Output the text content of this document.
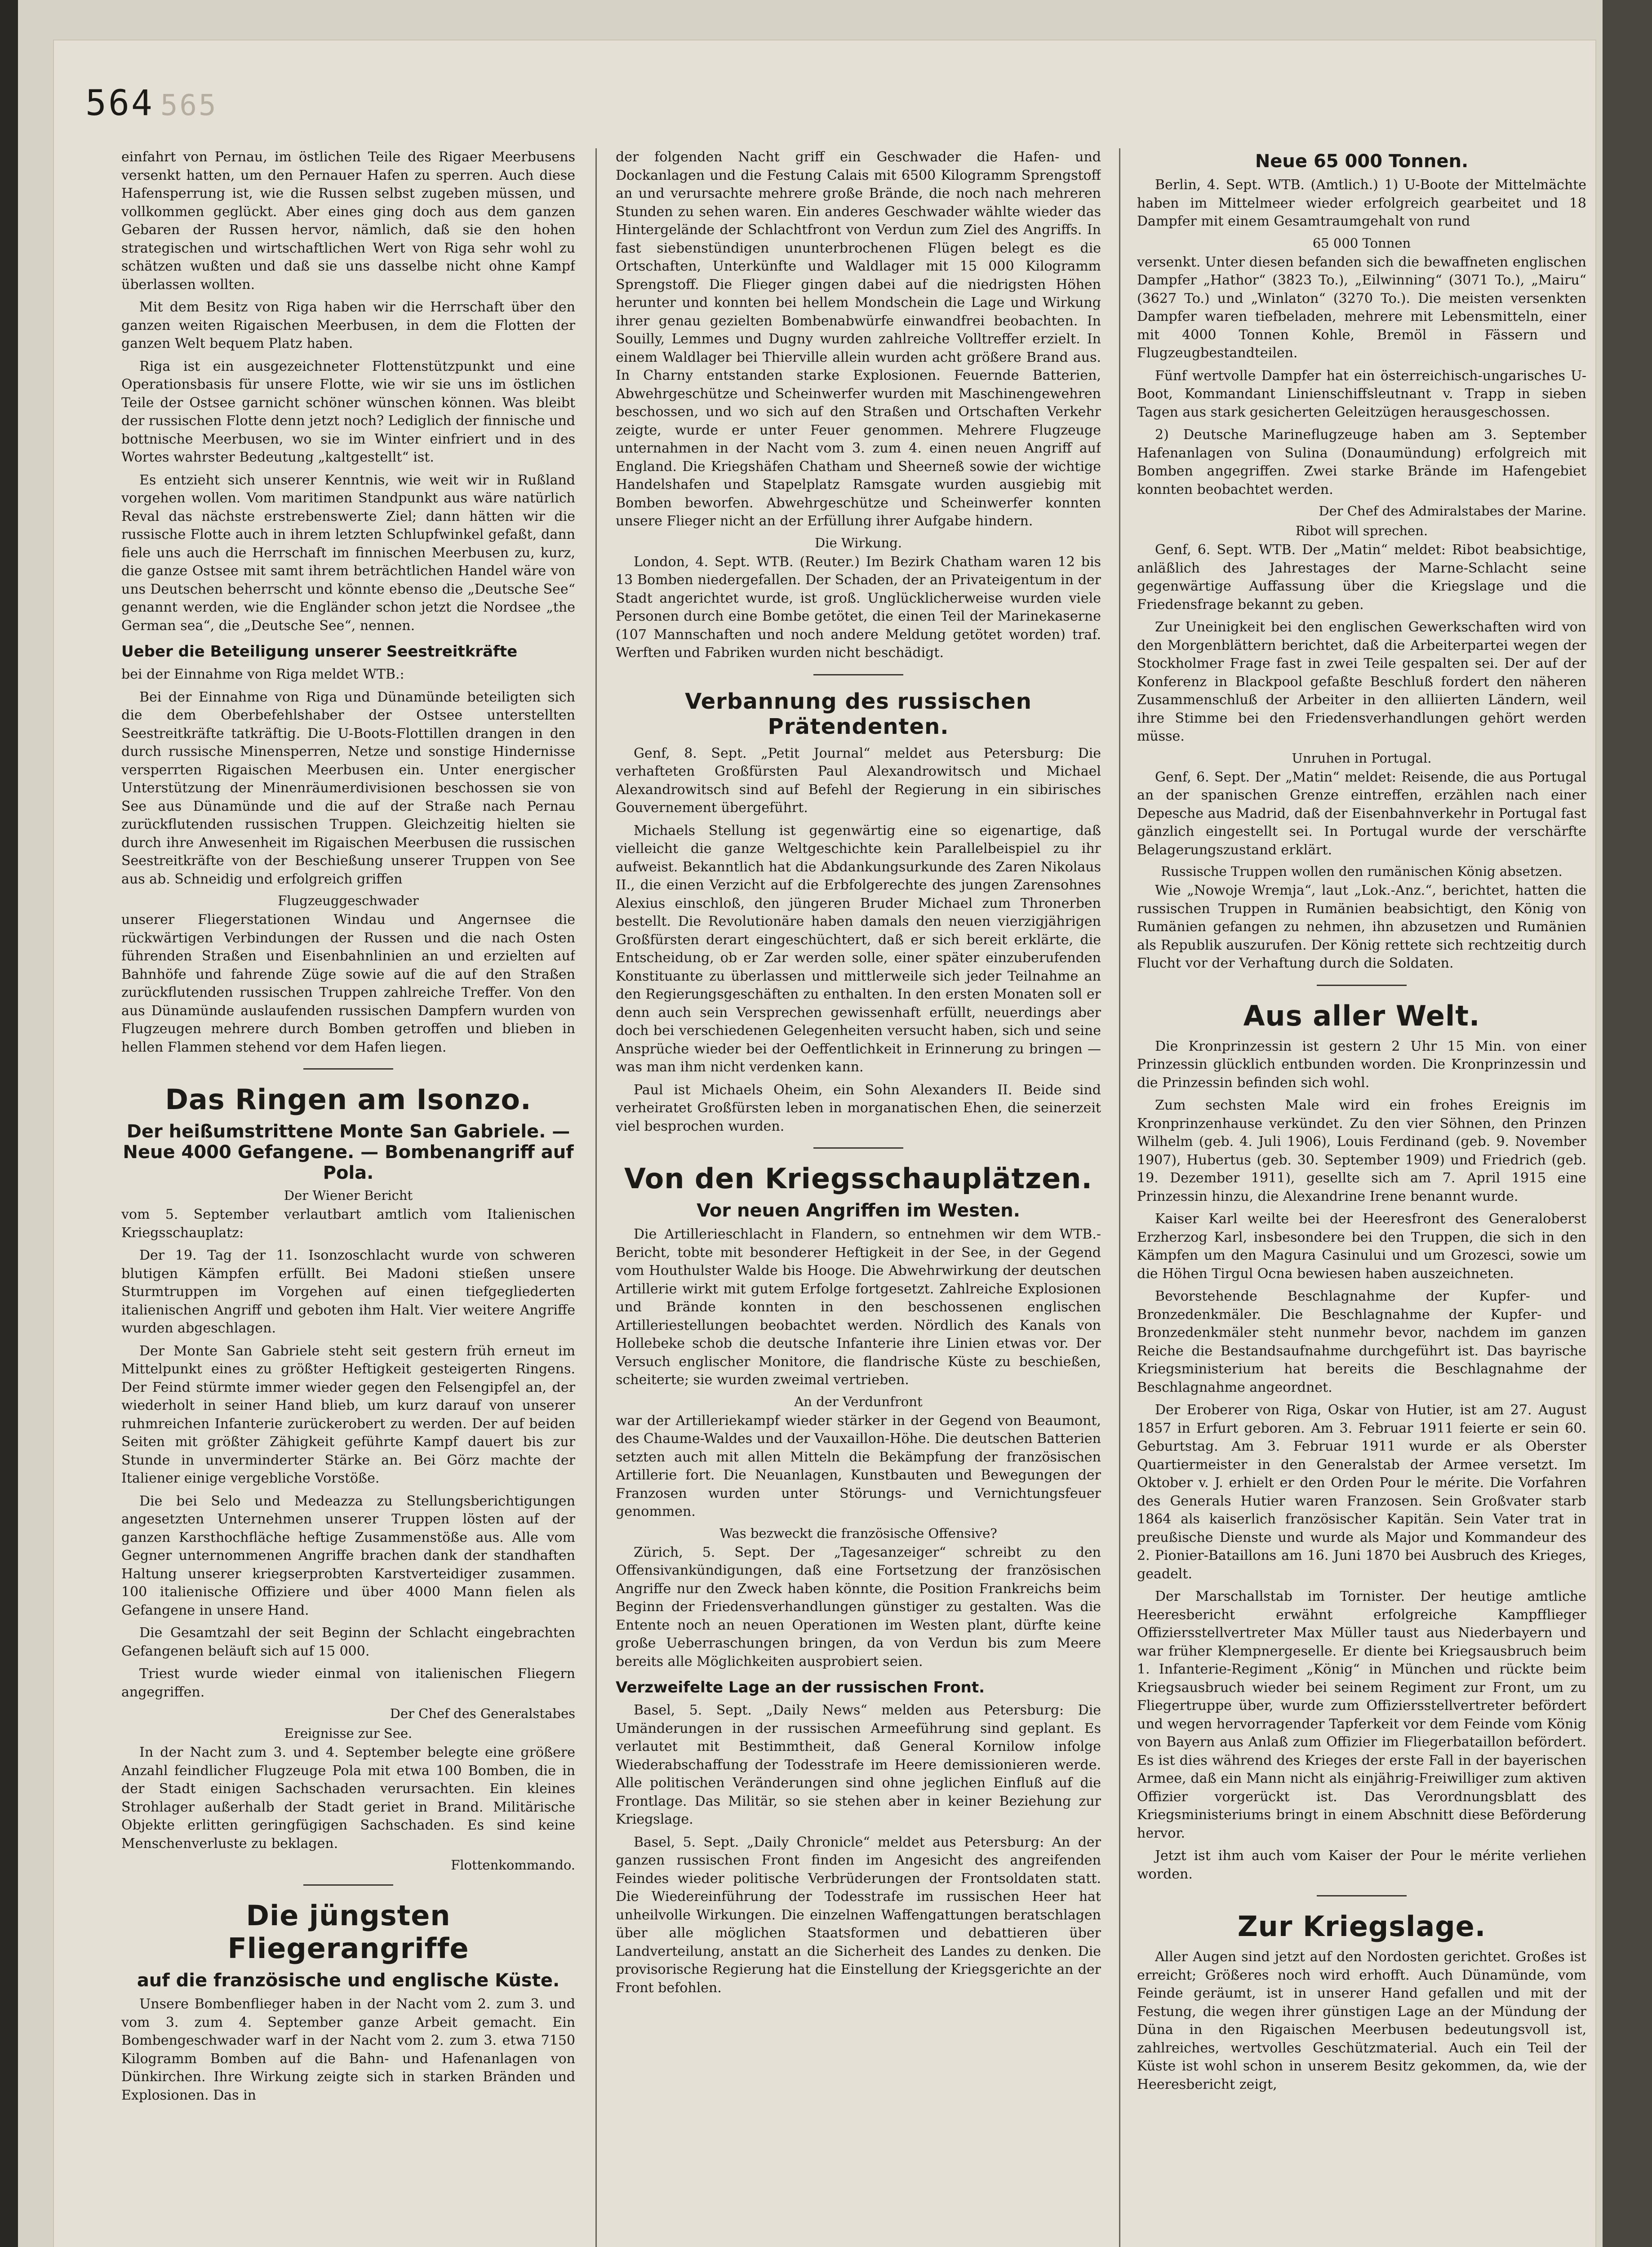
564 565

einfahrt von Pernau, im östlichen Teile des Rigaer Meerbusens versenkt hatten, um den Pernauer Hafen zu sperren. Auch diese Hafensperrung ist, wie die Russen selbst zugeben müssen, und vollkommen geglückt. Aber eines ging doch aus dem ganzen Gebaren der Russen hervor, nämlich, daß sie den hohen strategischen und wirtschaftlichen Wert von Riga sehr wohl zu schätzen wußten und daß sie uns dasselbe nicht ohne Kampf überlassen wollten.

Mit dem Besitz von Riga haben wir die Herrschaft über den ganzen weiten Rigaischen Meerbusen, in dem die Flotten der ganzen Welt bequem Platz haben.

Riga ist ein ausgezeichneter Flottenstützpunkt und eine Operationsbasis für unsere Flotte, wie wir sie uns im östlichen Teile der Ostsee garnicht schöner wünschen können. Was bleibt der russischen Flotte denn jetzt noch? Lediglich der finnische und bottnische Meerbusen, wo sie im Winter einfriert und in des Wortes wahrster Bedeutung „kaltgestellt“ ist.

Es entzieht sich unserer Kenntnis, wie weit wir in Rußland vorgehen wollen. Vom maritimen Standpunkt aus wäre natürlich Reval das nächste erstrebenswerte Ziel; dann hätten wir die russische Flotte auch in ihrem letzten Schlupfwinkel gefaßt, dann fiele uns auch die Herrschaft im finnischen Meerbusen zu, kurz, die ganze Ostsee mit samt ihrem beträchtlichen Handel wäre von uns Deutschen beherrscht und könnte ebenso die „Deutsche See“ genannt werden, wie die Engländer schon jetzt die Nordsee „the German sea“, die „Deutsche See“, nennen.

Ueber die Beteiligung unserer Seestreitkräfte

bei der Einnahme von Riga meldet WTB.:

Bei der Einnahme von Riga und Dünamünde beteiligten sich die dem Oberbefehlshaber der Ostsee unterstellten Seestreitkräfte tatkräftig. Die U-Boots-Flottillen drangen in den durch russische Minensperren, Netze und sonstige Hindernisse versperrten Rigaischen Meerbusen ein. Unter energischer Unterstützung der Minenräumerdivisionen beschossen sie von See aus Dünamünde und die auf der Straße nach Pernau zurückflutenden russischen Truppen. Gleichzeitig hielten sie durch ihre Anwesenheit im Rigaischen Meerbusen die russischen Seestreitkräfte von der Beschießung unserer Truppen von See aus ab. Schneidig und erfolgreich griffen

Flugzeuggeschwader

unserer Fliegerstationen Windau und Angernsee die rückwärtigen Verbindungen der Russen und die nach Osten führenden Straßen und Eisenbahnlinien an und erzielten auf Bahnhöfe und fahrende Züge sowie auf die auf den Straßen zurückflutenden russischen Truppen zahlreiche Treffer. Von den aus Dünamünde auslaufenden russischen Dampfern wurden von Flugzeugen mehrere durch Bomben getroffen und blieben in hellen Flammen stehend vor dem Hafen liegen.

Das Ringen am Isonzo.
Der heißumstrittene Monte San Gabriele. — Neue 4000 Gefangene. — Bombenangriff auf Pola.
Der Wiener Bericht

vom 5. September verlautbart amtlich vom Italienischen Kriegsschauplatz:

Der 19. Tag der 11. Isonzoschlacht wurde von schweren blutigen Kämpfen erfüllt. Bei Madoni stießen unsere Sturmtruppen im Vorgehen auf einen tiefgegliederten italienischen Angriff und geboten ihm Halt. Vier weitere Angriffe wurden abgeschlagen.

Der Monte San Gabriele steht seit gestern früh erneut im Mittelpunkt eines zu größter Heftigkeit gesteigerten Ringens. Der Feind stürmte immer wieder gegen den Felsengipfel an, der wiederholt in seiner Hand blieb, um kurz darauf von unserer ruhmreichen Infanterie zurückerobert zu werden. Der auf beiden Seiten mit größter Zähigkeit geführte Kampf dauert bis zur Stunde in unverminderter Stärke an. Bei Görz machte der Italiener einige vergebliche Vorstöße.

Die bei Selo und Medeazza zu Stellungsberichtigungen angesetzten Unternehmen unserer Truppen lösten auf der ganzen Karsthochfläche heftige Zusammenstöße aus. Alle vom Gegner unternommenen Angriffe brachen dank der standhaften Haltung unserer kriegserprobten Karstverteidiger zusammen. 100 italienische Offiziere und über 4000 Mann fielen als Gefangene in unsere Hand.

Die Gesamtzahl der seit Beginn der Schlacht eingebrachten Gefangenen beläuft sich auf 15 000.

Triest wurde wieder einmal von italienischen Fliegern angegriffen.

Der Chef des Generalstabes
Ereignisse zur See.

In der Nacht zum 3. und 4. September belegte eine größere Anzahl feindlicher Flugzeuge Pola mit etwa 100 Bomben, die in der Stadt einigen Sachschaden verursachten. Ein kleines Strohlager außerhalb der Stadt geriet in Brand. Militärische Objekte erlitten geringfügigen Sachschaden. Es sind keine Menschenverluste zu beklagen.

Flottenkommando.
Die jüngsten Fliegerangriffe
auf die französische und englische Küste.

Unsere Bombenflieger haben in der Nacht vom 2. zum 3. und vom 3. zum 4. September ganze Arbeit gemacht. Ein Bombengeschwader warf in der Nacht vom 2. zum 3. etwa 7150 Kilogramm Bomben auf die Bahn- und Hafenanlagen von Dünkirchen. Ihre Wirkung zeigte sich in starken Bränden und Explosionen. Das in

der folgenden Nacht griff ein Geschwader die Hafen- und Dockanlagen und die Festung Calais mit 6500 Kilogramm Sprengstoff an und verursachte mehrere große Brände, die noch nach mehreren Stunden zu sehen waren. Ein anderes Geschwader wählte wieder das Hintergelände der Schlachtfront von Verdun zum Ziel des Angriffs. In fast siebenstündigen ununterbrochenen Flügen belegt es die Ortschaften, Unterkünfte und Waldlager mit 15 000 Kilogramm Sprengstoff. Die Flieger gingen dabei auf die niedrigsten Höhen herunter und konnten bei hellem Mondschein die Lage und Wirkung ihrer genau gezielten Bombenabwürfe einwandfrei beobachten. In Souilly, Lemmes und Dugny wurden zahlreiche Volltreffer erzielt. In einem Waldlager bei Thierville allein wurden acht größere Brand aus. In Charny entstanden starke Explosionen. Feuernde Batterien, Abwehrgeschütze und Scheinwerfer wurden mit Maschinengewehren beschossen, und wo sich auf den Straßen und Ortschaften Verkehr zeigte, wurde er unter Feuer genommen. Mehrere Flugzeuge unternahmen in der Nacht vom 3. zum 4. einen neuen Angriff auf England. Die Kriegshäfen Chatham und Sheerneß sowie der wichtige Handelshafen und Stapelplatz Ramsgate wurden ausgiebig mit Bomben beworfen. Abwehrgeschütze und Scheinwerfer konnten unsere Flieger nicht an der Erfüllung ihrer Aufgabe hindern.

Die Wirkung.

London, 4. Sept. WTB. (Reuter.) Im Bezirk Chatham waren 12 bis 13 Bomben niedergefallen. Der Schaden, der an Privateigentum in der Stadt angerichtet wurde, ist groß. Unglücklicherweise wurden viele Personen durch eine Bombe getötet, die einen Teil der Marinekaserne (107 Mannschaften und noch andere Meldung getötet worden) traf. Werften und Fabriken wurden nicht beschädigt.

Verbannung des russischen Prätendenten.

Genf, 8. Sept. „Petit Journal“ meldet aus Petersburg: Die verhafteten Großfürsten Paul Alexandrowitsch und Michael Alexandrowitsch sind auf Befehl der Regierung in ein sibirisches Gouvernement übergeführt.

Michaels Stellung ist gegenwärtig eine so eigenartige, daß vielleicht die ganze Weltgeschichte kein Parallelbeispiel zu ihr aufweist. Bekanntlich hat die Abdankungsurkunde des Zaren Nikolaus II., die einen Verzicht auf die Erbfolgerechte des jungen Zarensohnes Alexius einschloß, den jüngeren Bruder Michael zum Thronerben bestellt. Die Revolutionäre haben damals den neuen vierzigjährigen Großfürsten derart eingeschüchtert, daß er sich bereit erklärte, die Entscheidung, ob er Zar werden solle, einer später einzuberufenden Konstituante zu überlassen und mittlerweile sich jeder Teilnahme an den Regierungsgeschäften zu enthalten. In den ersten Monaten soll er denn auch sein Versprechen gewissenhaft erfüllt, neuerdings aber doch bei verschiedenen Gelegenheiten versucht haben, sich und seine Ansprüche wieder bei der Oeffentlichkeit in Erinnerung zu bringen — was man ihm nicht verdenken kann.

Paul ist Michaels Oheim, ein Sohn Alexanders II. Beide sind verheiratet Großfürsten leben in morganatischen Ehen, die seinerzeit viel besprochen wurden.

Von den Kriegsschauplätzen.
Vor neuen Angriffen im Westen.

Die Artillerieschlacht in Flandern, so entnehmen wir dem WTB.-Bericht, tobte mit besonderer Heftigkeit in der See, in der Gegend vom Houthulster Walde bis Hooge. Die Abwehrwirkung der deutschen Artillerie wirkt mit gutem Erfolge fortgesetzt. Zahlreiche Explosionen und Brände konnten in den beschossenen englischen Artilleriestellungen beobachtet werden. Nördlich des Kanals von Hollebeke schob die deutsche Infanterie ihre Linien etwas vor. Der Versuch englischer Monitore, die flandrische Küste zu beschießen, scheiterte; sie wurden zweimal vertrieben.

An der Verdunfront

war der Artilleriekampf wieder stärker in der Gegend von Beaumont, des Chaume-Waldes und der Vauxaillon-Höhe. Die deutschen Batterien setzten auch mit allen Mitteln die Bekämpfung der französischen Artillerie fort. Die Neuanlagen, Kunstbauten und Bewegungen der Franzosen wurden unter Störungs- und Vernichtungsfeuer genommen.

Was bezweckt die französische Offensive?

Zürich, 5. Sept. Der „Tagesanzeiger“ schreibt zu den Offensivankündigungen, daß eine Fortsetzung der französischen Angriffe nur den Zweck haben könnte, die Position Frankreichs beim Beginn der Friedensverhandlungen günstiger zu gestalten. Was die Entente noch an neuen Operationen im Westen plant, dürfte keine große Ueberraschungen bringen, da von Verdun bis zum Meere bereits alle Möglichkeiten ausprobiert seien.

Verzweifelte Lage an der russischen Front.

Basel, 5. Sept. „Daily News“ melden aus Petersburg: Die Umänderungen in der russischen Armeeführung sind geplant. Es verlautet mit Bestimmtheit, daß General Kornilow infolge Wiederabschaffung der Todesstrafe im Heere demissionieren werde. Alle politischen Veränderungen sind ohne jeglichen Einfluß auf die Frontlage. Das Militär, so sie stehen aber in keiner Beziehung zur Kriegslage.

Basel, 5. Sept. „Daily Chronicle“ meldet aus Petersburg: An der ganzen russischen Front finden im Angesicht des angreifenden Feindes wieder politische Verbrüderungen der Frontsoldaten statt. Die Wiedereinführung der Todesstrafe im russischen Heer hat unheilvolle Wirkungen. Die einzelnen Waffengattungen beratschlagen über alle möglichen Staatsformen und debattieren über Landverteilung, anstatt an die Sicherheit des Landes zu denken. Die provisorische Regierung hat die Einstellung der Kriegsgerichte an der Front befohlen.

Neue 65 000 Tonnen.

Berlin, 4. Sept. WTB. (Amtlich.) 1) U-Boote der Mittelmächte haben im Mittelmeer wieder erfolgreich gearbeitet und 18 Dampfer mit einem Gesamtraumgehalt von rund

65 000 Tonnen

versenkt. Unter diesen befanden sich die bewaffneten englischen Dampfer „Hathor“ (3823 To.), „Eilwinning“ (3071 To.), „Mairu“ (3627 To.) und „Winlaton“ (3270 To.). Die meisten versenkten Dampfer waren tiefbeladen, mehrere mit Lebensmitteln, einer mit 4000 Tonnen Kohle, Bremöl in Fässern und Flugzeugbestandteilen.

Fünf wertvolle Dampfer hat ein österreichisch-ungarisches U-Boot, Kommandant Linienschiffsleutnant v. Trapp in sieben Tagen aus stark gesicherten Geleitzügen herausgeschossen.

2) Deutsche Marineflugzeuge haben am 3. September Hafenanlagen von Sulina (Donaumündung) erfolgreich mit Bomben angegriffen. Zwei starke Brände im Hafengebiet konnten beobachtet werden.

Der Chef des Admiralstabes der Marine.
Ribot will sprechen.

Genf, 6. Sept. WTB. Der „Matin“ meldet: Ribot beabsichtige, anläßlich des Jahrestages der Marne-Schlacht seine gegenwärtige Auffassung über die Kriegslage und die Friedensfrage bekannt zu geben.

Zur Uneinigkeit bei den englischen Gewerkschaften wird von den Morgenblättern berichtet, daß die Arbeiterpartei wegen der Stockholmer Frage fast in zwei Teile gespalten sei. Der auf der Konferenz in Blackpool gefaßte Beschluß fordert den näheren Zusammenschluß der Arbeiter in den alliierten Ländern, weil ihre Stimme bei den Friedensverhandlungen gehört werden müsse.

Unruhen in Portugal.

Genf, 6. Sept. Der „Matin“ meldet: Reisende, die aus Portugal an der spanischen Grenze eintreffen, erzählen nach einer Depesche aus Madrid, daß der Eisenbahnverkehr in Portugal fast gänzlich eingestellt sei. In Portugal wurde der verschärfte Belagerungszustand erklärt.

Russische Truppen wollen den rumänischen König absetzen.

Wie „Nowoje Wremja“, laut „Lok.-Anz.“, berichtet, hatten die russischen Truppen in Rumänien beabsichtigt, den König von Rumänien gefangen zu nehmen, ihn abzusetzen und Rumänien als Republik auszurufen. Der König rettete sich rechtzeitig durch Flucht vor der Verhaftung durch die Soldaten.

Aus aller Welt.

Die Kronprinzessin ist gestern 2 Uhr 15 Min. von einer Prinzessin glücklich entbunden worden. Die Kronprinzessin und die Prinzessin befinden sich wohl.

Zum sechsten Male wird ein frohes Ereignis im Kronprinzenhause verkündet. Zu den vier Söhnen, den Prinzen Wilhelm (geb. 4. Juli 1906), Louis Ferdinand (geb. 9. November 1907), Hubertus (geb. 30. September 1909) und Friedrich (geb. 19. Dezember 1911), gesellte sich am 7. April 1915 eine Prinzessin hinzu, die Alexandrine Irene benannt wurde.

Kaiser Karl weilte bei der Heeresfront des Generaloberst Erzherzog Karl, insbesondere bei den Truppen, die sich in den Kämpfen um den Magura Casinului und um Grozesci, sowie um die Höhen Tirgul Ocna bewiesen haben auszeichneten.

Bevorstehende Beschlagnahme der Kupfer- und Bronzedenkmäler. Die Beschlagnahme der Kupfer- und Bronzedenkmäler steht nunmehr bevor, nachdem im ganzen Reiche die Bestandsaufnahme durchgeführt ist. Das bayrische Kriegsministerium hat bereits die Beschlagnahme der Beschlagnahme angeordnet.

Der Eroberer von Riga, Oskar von Hutier, ist am 27. August 1857 in Erfurt geboren. Am 3. Februar 1911 feierte er sein 60. Geburtstag. Am 3. Februar 1911 wurde er als Oberster Quartiermeister in den Generalstab der Armee versetzt. Im Oktober v. J. erhielt er den Orden Pour le mérite. Die Vorfahren des Generals Hutier waren Franzosen. Sein Großvater starb 1864 als kaiserlich französischer Kapitän. Sein Vater trat in preußische Dienste und wurde als Major und Kommandeur des 2. Pionier-Bataillons am 16. Juni 1870 bei Ausbruch des Krieges, geadelt.

Der Marschallstab im Tornister. Der heutige amtliche Heeresbericht erwähnt erfolgreiche Kampfflieger Offiziersstellvertreter Max Müller taust aus Niederbayern und war früher Klempnergeselle. Er diente bei Kriegsausbruch beim 1. Infanterie-Regiment „König“ in München und rückte beim Kriegsausbruch wieder bei seinem Regiment zur Front, um zu Fliegertruppe über, wurde zum Offiziersstellvertreter befördert und wegen hervorragender Tapferkeit vor dem Feinde vom König von Bayern aus Anlaß zum Offizier im Fliegerbataillon befördert. Es ist dies während des Krieges der erste Fall in der bayerischen Armee, daß ein Mann nicht als einjährig-Freiwilliger zum aktiven Offizier vorgerückt ist. Das Verordnungsblatt des Kriegsministeriums bringt in einem Abschnitt diese Beförderung hervor.

Jetzt ist ihm auch vom Kaiser der Pour le mérite verliehen worden.

Zur Kriegslage.

Aller Augen sind jetzt auf den Nordosten gerichtet. Großes ist erreicht; Größeres noch wird erhofft. Auch Dünamünde, vom Feinde geräumt, ist in unserer Hand gefallen und mit der Festung, die wegen ihrer günstigen Lage an der Mündung der Düna in den Rigaischen Meerbusen bedeutungsvoll ist, zahlreiches, wertvolles Geschützmaterial. Auch ein Teil der Küste ist wohl schon in unserem Besitz gekommen, da, wie der Heeresbericht zeigt,
